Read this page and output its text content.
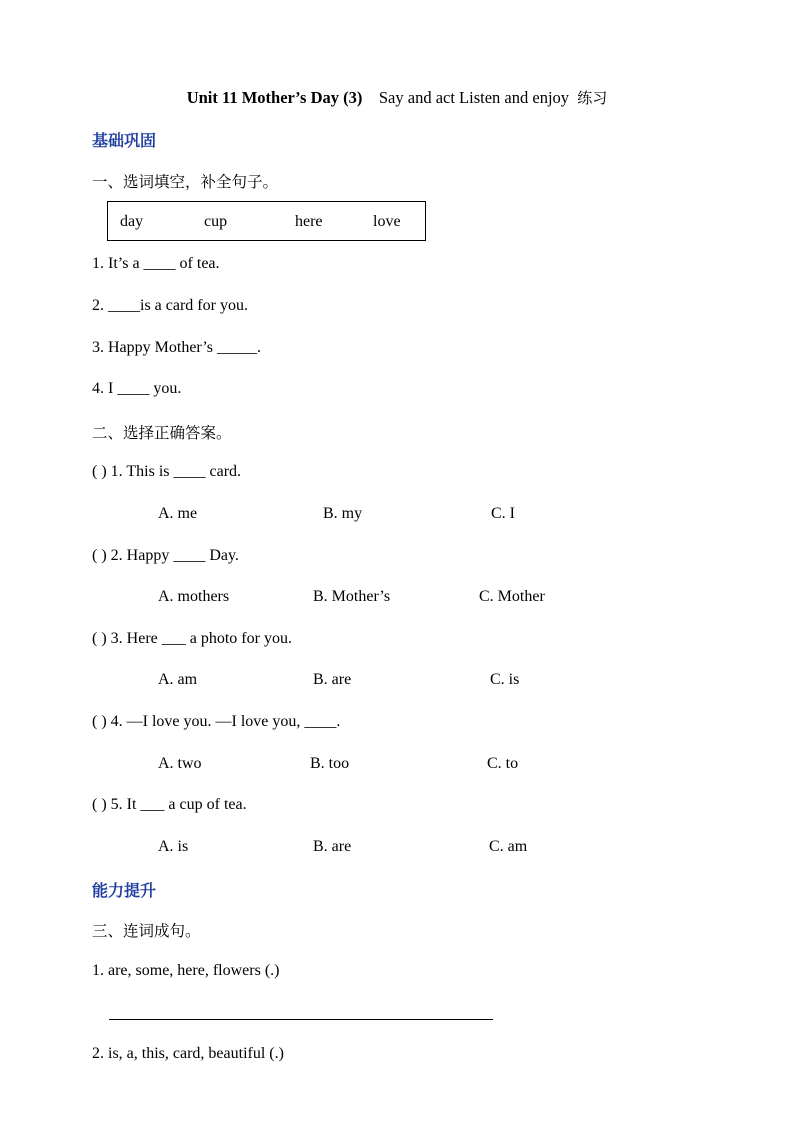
Unit 11 Mother’s Day (3) Say and act Listen and enjoy 练习
基础巩固
一、选词填空，补全句子。
day	cup	here	love
1. It’s a ____ of tea.
2. ____is a card for you.
3. Happy Mother’s _____.
4. I ____ you.
二、选择正确答案。
( ) 1. This is ____ card.
A. me	B. my	C. I
( ) 2. Happy ____ Day.
A. mothers	B. Mother’s	C. Mother
( ) 3. Here ___ a photo for you.
A. am	B. are	C. is
( ) 4. —I love you. —I love you, ____.
A. two	B. too	C. to
( ) 5. It ___ a cup of tea.
A. is	B. are	C. am
能力提升
三、连词成句。
1. are, some, here, flowers (.)
2. is, a, this, card, beautiful (.)
